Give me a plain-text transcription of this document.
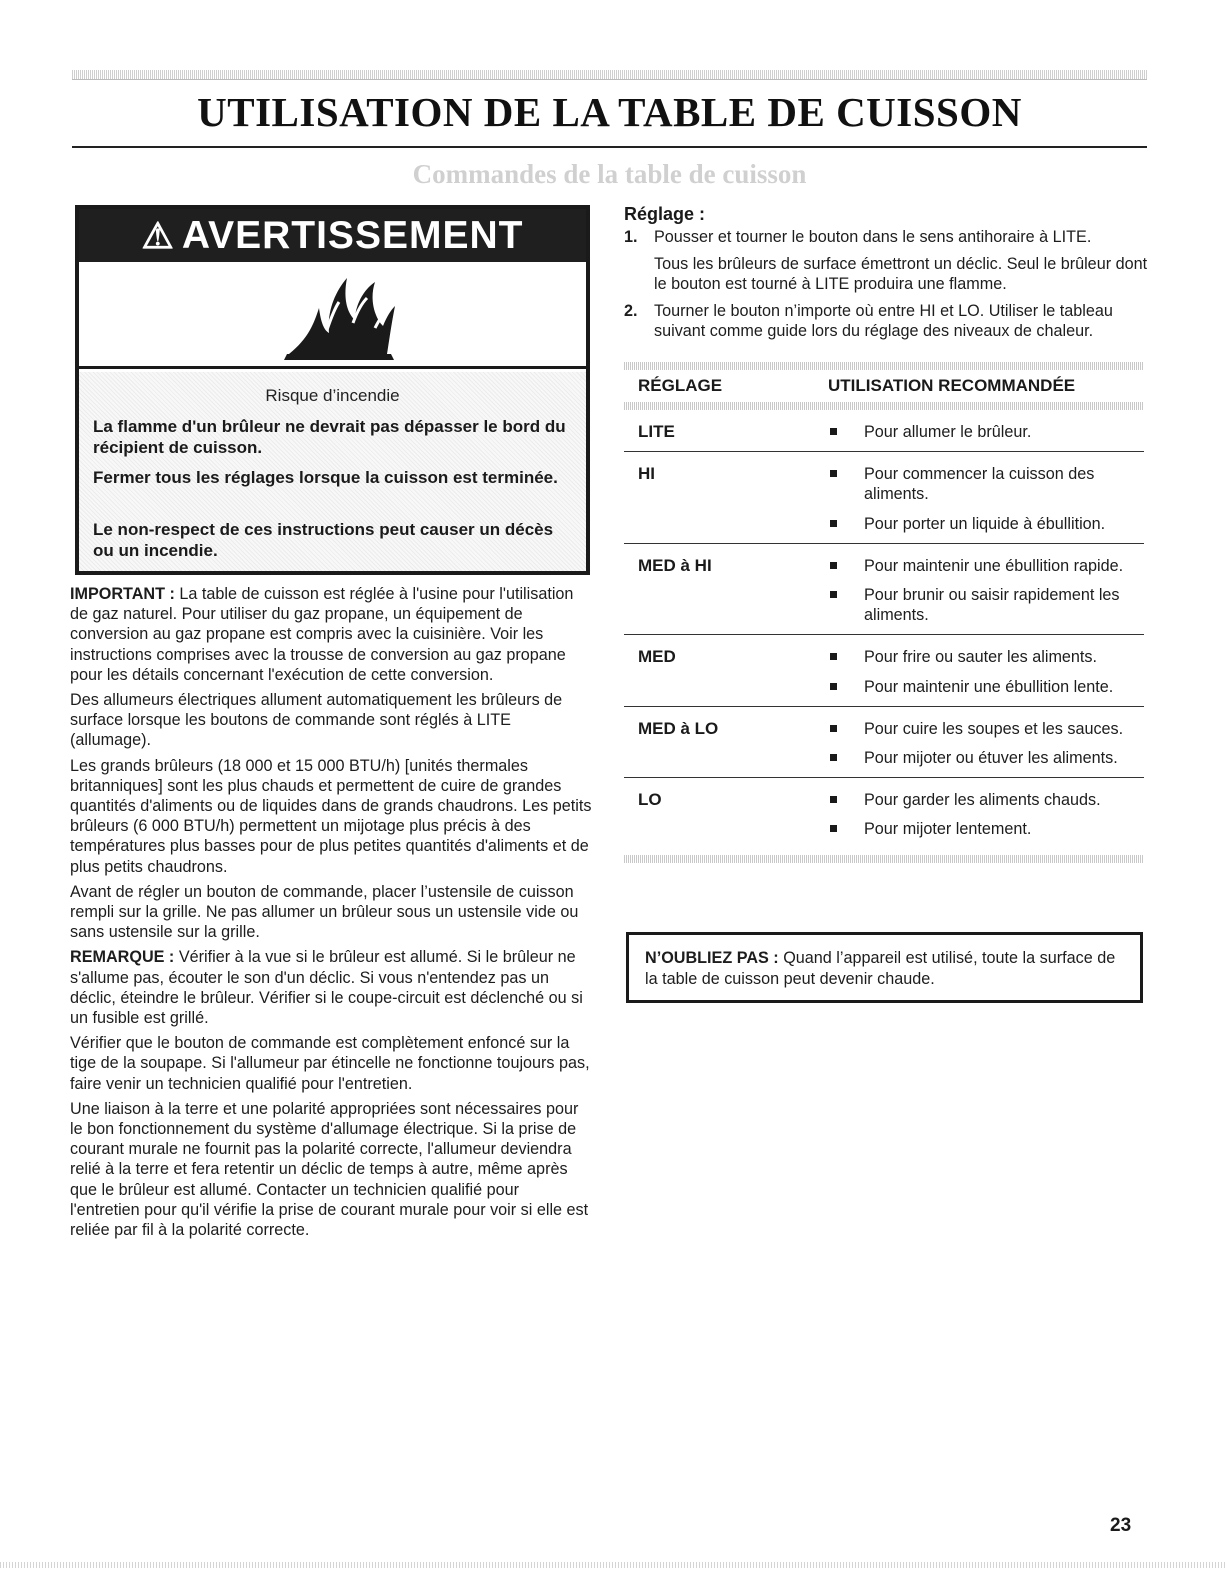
UTILISATION DE LA TABLE DE CUISSON
Commandes de la table de cuisson
⚠ AVERTISSEMENT
Risque d’incendie
La flamme d'un brûleur ne devrait pas dépasser le bord du récipient de cuisson.
Fermer tous les réglages lorsque la cuisson est terminée.
Le non-respect de ces instructions peut causer un décès ou un incendie.

IMPORTANT : La table de cuisson est réglée à l'usine pour l'utilisation de gaz naturel. Pour utiliser du gaz propane, un équipement de conversion au gaz propane est compris avec la cuisinière. Voir les instructions comprises avec la trousse de conversion au gaz propane pour les détails concernant l'exécution de cette conversion.

Des allumeurs électriques allument automatiquement les brûleurs de surface lorsque les boutons de commande sont réglés à LITE (allumage).

Les grands brûleurs (18 000 et 15 000 BTU/h) [unités thermales britanniques] sont les plus chauds et permettent de cuire de grandes quantités d'aliments ou de liquides dans de grands chaudrons. Les petits brûleurs (6 000 BTU/h) permettent un mijotage plus précis à des températures plus basses pour de plus petites quantités d'aliments et de plus petits chaudrons.

Avant de régler un bouton de commande, placer l’ustensile de cuisson rempli sur la grille. Ne pas allumer un brûleur sous un ustensile vide ou sans ustensile sur la grille.

REMARQUE : Vérifier à la vue si le brûleur est allumé. Si le brûleur ne s'allume pas, écouter le son d'un déclic. Si vous n'entendez pas un déclic, éteindre le brûleur. Vérifier si le coupe-circuit est déclenché ou si un fusible est grillé.

Vérifier que le bouton de commande est complètement enfoncé sur la tige de la soupape. Si l'allumeur par étincelle ne fonctionne toujours pas, faire venir un technicien qualifié pour l'entretien.

Une liaison à la terre et une polarité appropriées sont nécessaires pour le bon fonctionnement du système d'allumage électrique. Si la prise de courant murale ne fournit pas la polarité correcte, l'allumeur deviendra relié à la terre et fera retentir un déclic de temps à autre, même après que le brûleur est allumé. Contacter un technicien qualifié pour l'entretien pour qu'il vérifie la prise de courant murale pour voir si elle est reliée par fil à la polarité correcte.

Réglage :
1. Pousser et tourner le bouton dans le sens antihoraire à LITE.
Tous les brûleurs de surface émettront un déclic. Seul le brûleur dont le bouton est tourné à LITE produira une flamme.
2. Tourner le bouton n’importe où entre HI et LO. Utiliser le tableau suivant comme guide lors du réglage des niveaux de chaleur.
RÉGLAGE	UTILISATION RECOMMANDÉE
LITE	Pour allumer le brûleur.
HI	Pour commencer la cuisson des aliments.
Pour porter un liquide à ébullition.
MED à HI	Pour maintenir une ébullition rapide.
Pour brunir ou saisir rapidement les aliments.
MED	Pour frire ou sauter les aliments.
Pour maintenir une ébullition lente.
MED à LO	Pour cuire les soupes et les sauces.
Pour mijoter ou étuver les aliments.
LO	Pour garder les aliments chauds.
Pour mijoter lentement.
N’OUBLIEZ PAS : Quand l’appareil est utilisé, toute la surface de la table de cuisson peut devenir chaude.
23
